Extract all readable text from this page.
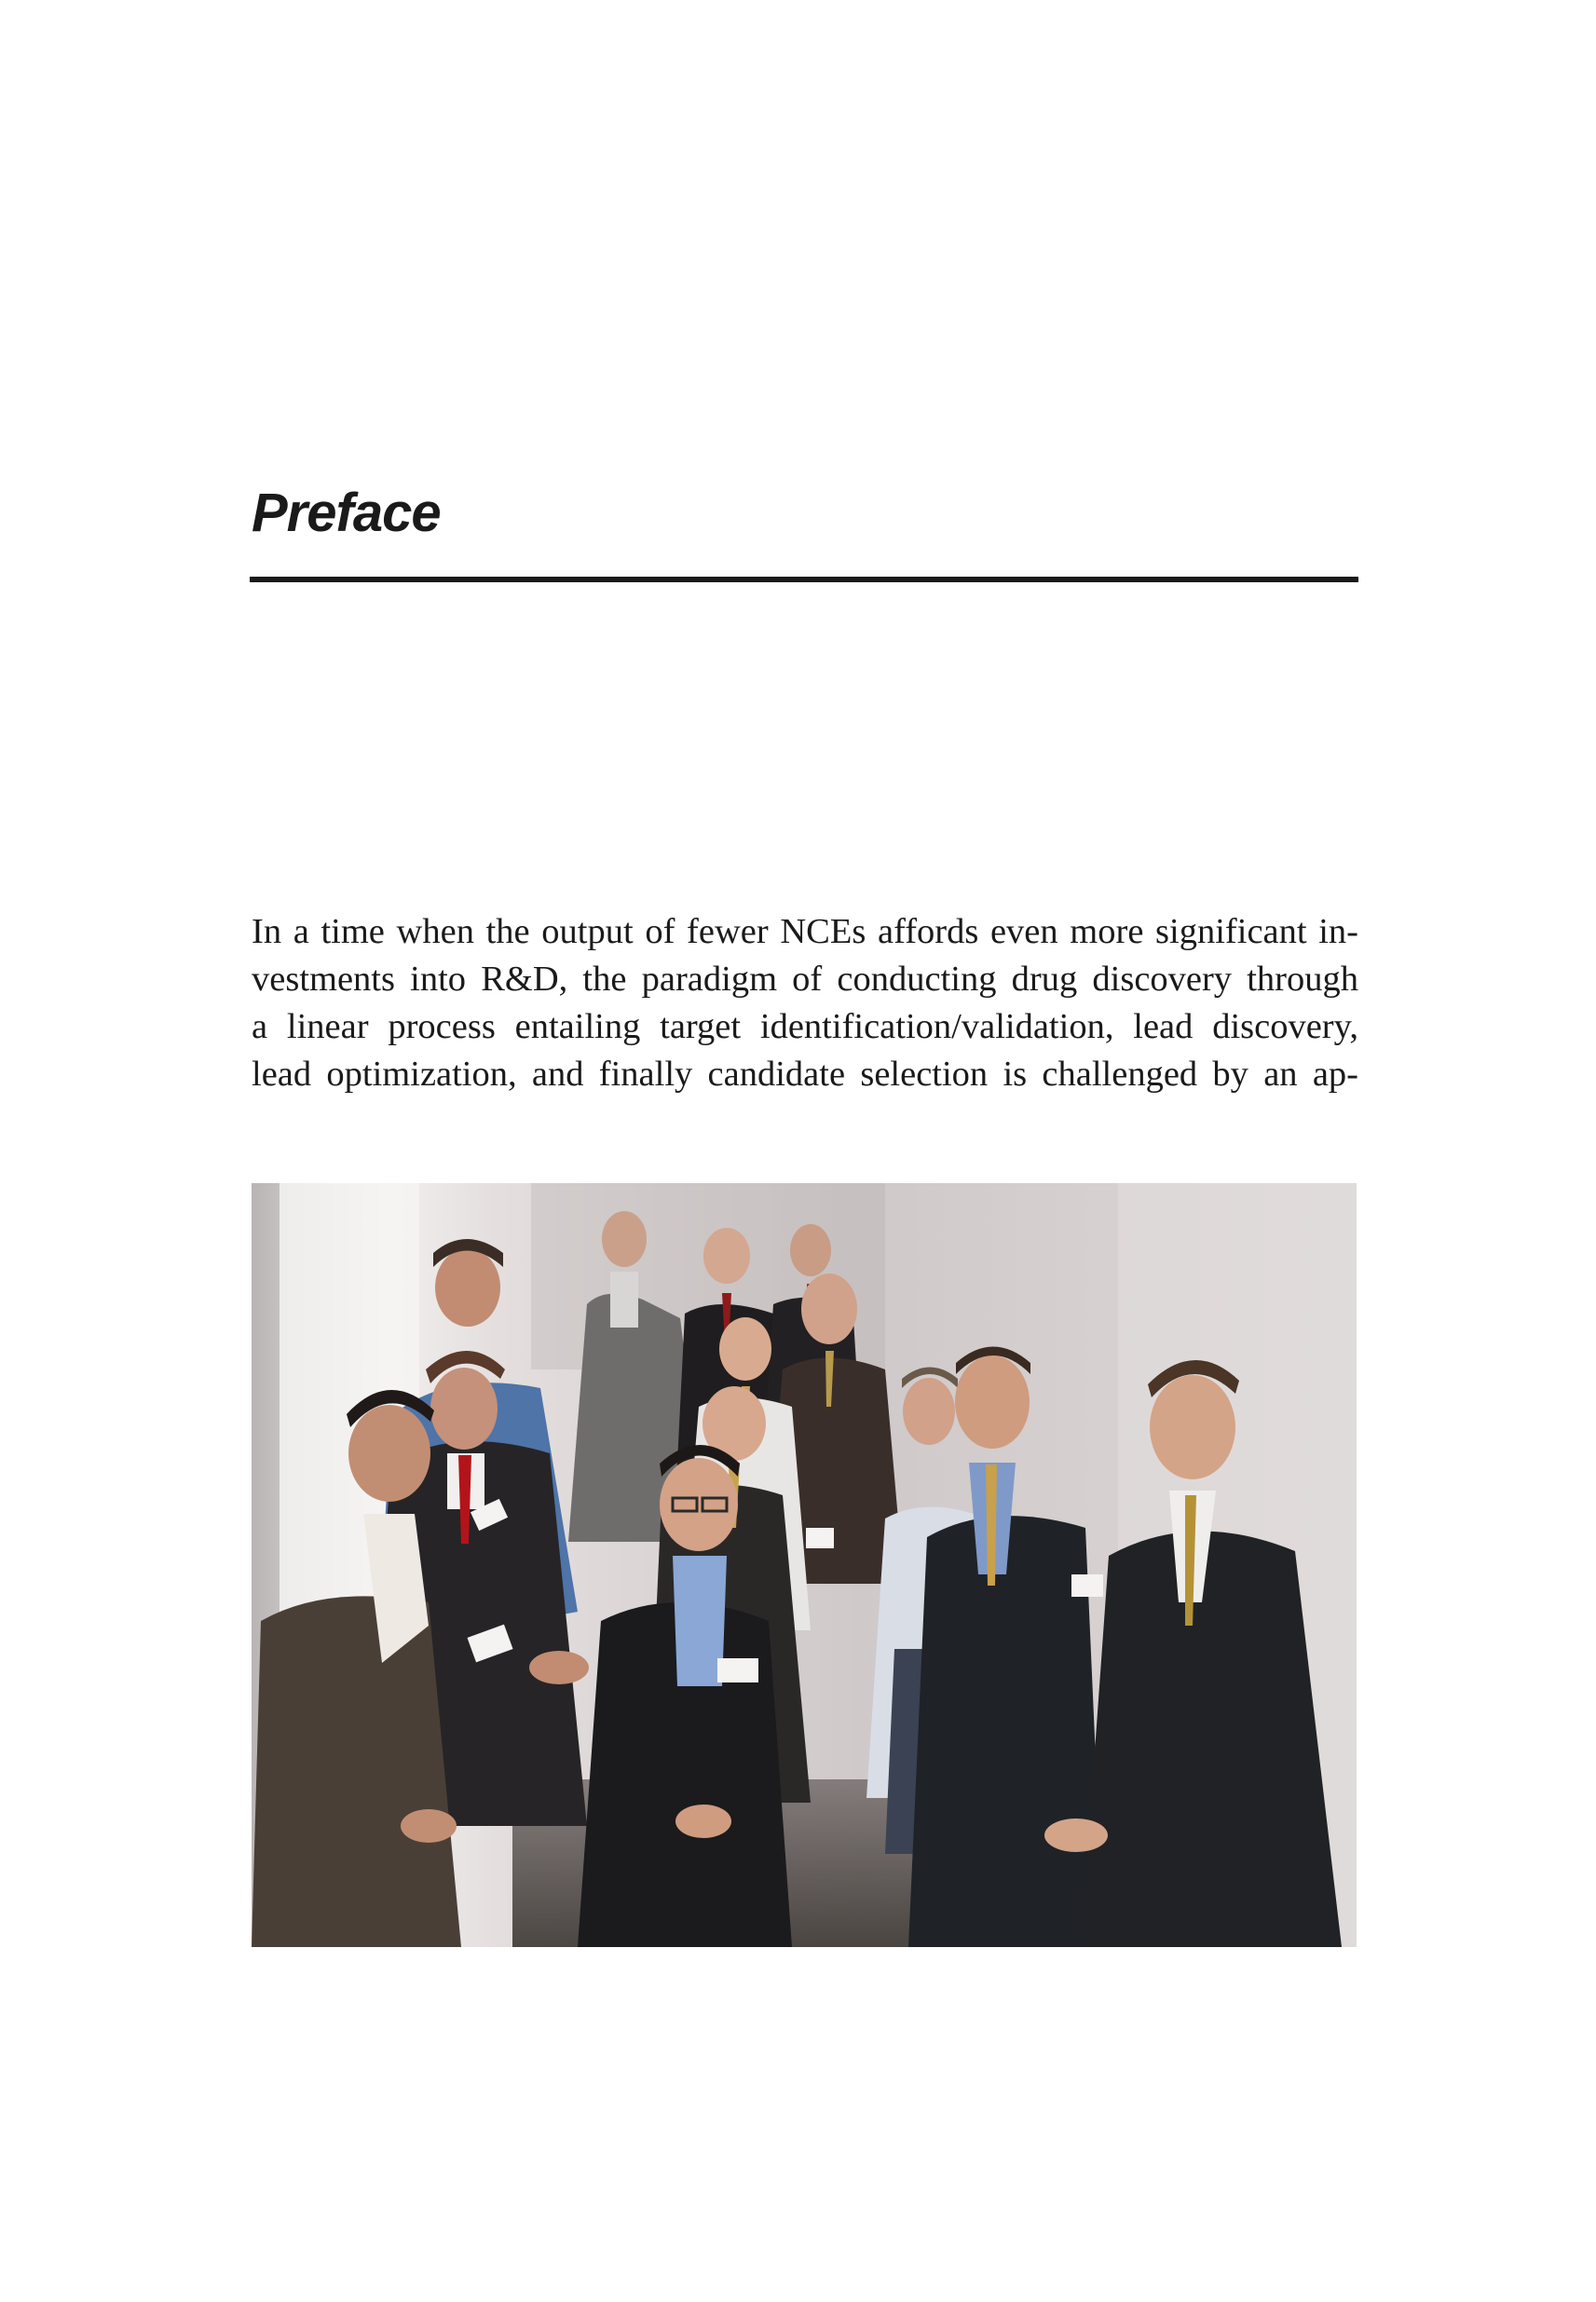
Preface

In a time when the output of fewer NCEs affords even more significant in-
vestments into R&D, the paradigm of conducting drug discovery through
a linear process entailing target identification/validation, lead discovery,
lead optimization, and finally candidate selection is challenged by an ap-
